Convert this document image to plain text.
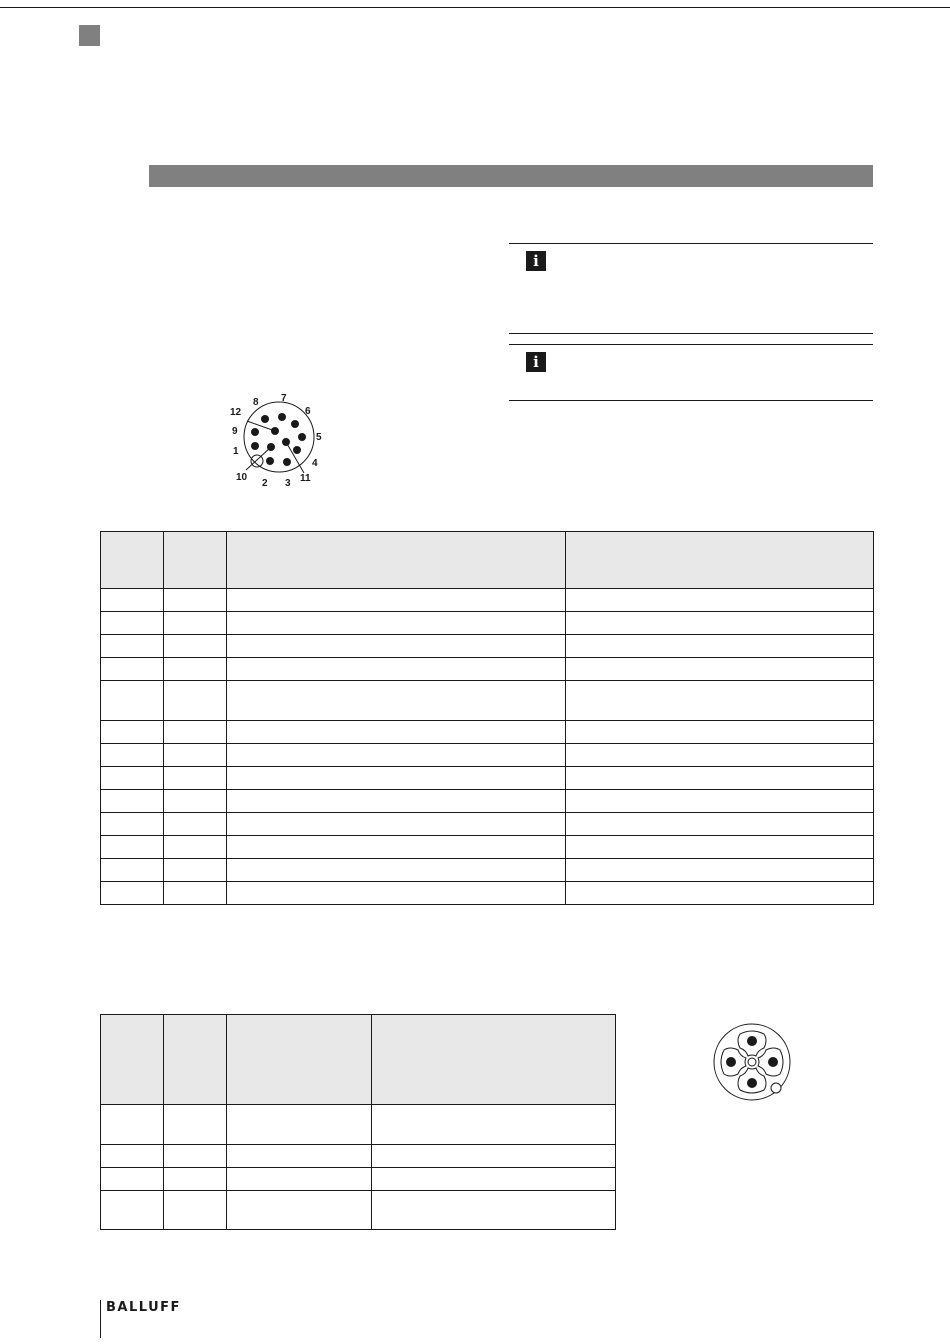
i
i
8 7
6
12
9
5
1
4
10
2 3 11

BALLUFF
